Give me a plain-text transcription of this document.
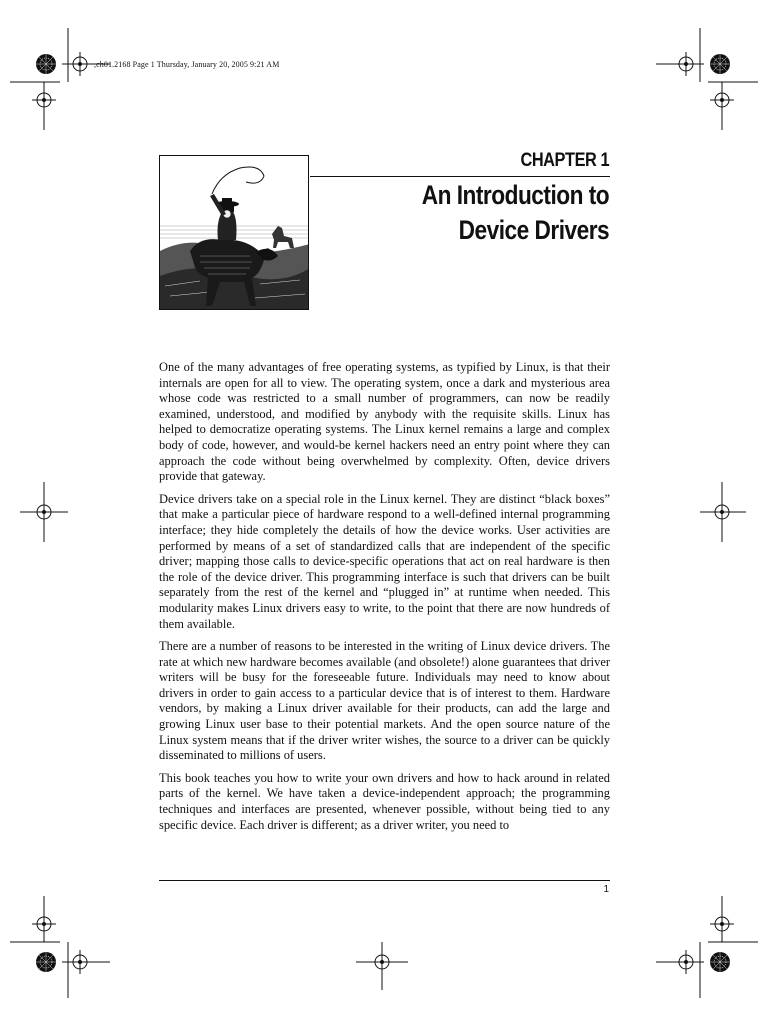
,ch01.2168 Page 1 Thursday, January 20, 2005 9:21 AM
CHAPTER 1
An Introduction to
Device Drivers

One of the many advantages of free operating systems, as typified by Linux, is that their internals are open for all to view. The operating system, once a dark and mysterious area whose code was restricted to a small number of programmers, can now be readily examined, understood, and modified by anybody with the requisite skills. Linux has helped to democratize operating systems. The Linux kernel remains a large and complex body of code, however, and would-be kernel hackers need an entry point where they can approach the code without being overwhelmed by complexity. Often, device drivers provide that gateway.

Device drivers take on a special role in the Linux kernel. They are distinct “black boxes” that make a particular piece of hardware respond to a well-defined internal programming interface; they hide completely the details of how the device works. User activities are performed by means of a set of standardized calls that are independent of the specific driver; mapping those calls to device-specific operations that act on real hardware is then the role of the device driver. This programming interface is such that drivers can be built separately from the rest of the kernel and “plugged in” at runtime when needed. This modularity makes Linux drivers easy to write, to the point that there are now hundreds of them available.

There are a number of reasons to be interested in the writing of Linux device drivers. The rate at which new hardware becomes available (and obsolete!) alone guarantees that driver writers will be busy for the foreseeable future. Individuals may need to know about drivers in order to gain access to a particular device that is of interest to them. Hardware vendors, by making a Linux driver available for their products, can add the large and growing Linux user base to their potential markets. And the open source nature of the Linux system means that if the driver writer wishes, the source to a driver can be quickly disseminated to millions of users.

This book teaches you how to write your own drivers and how to hack around in related parts of the kernel. We have taken a device-independent approach; the programming techniques and interfaces are presented, whenever possible, without being tied to any specific device. Each driver is different; as a driver writer, you need to

1
